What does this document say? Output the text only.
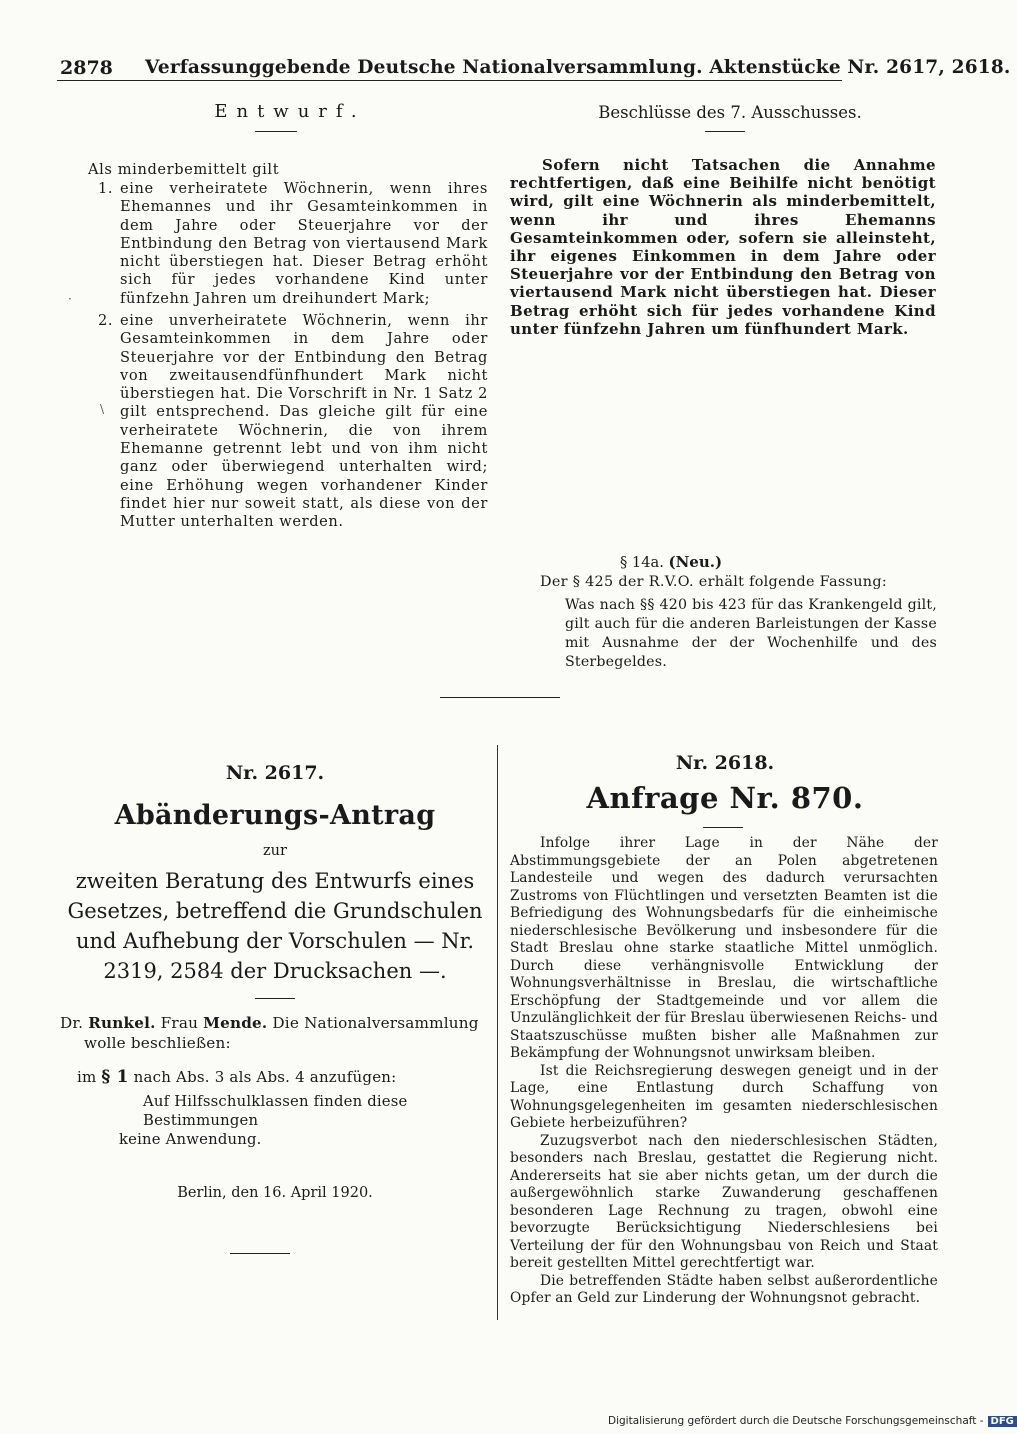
2878 Verfassunggebende Deutsche Nationalversammlung. Aktenstücke Nr. 2617, 2618.
Entwurf.	Beschlüsse des 7. Ausschusses.
Als minderbemittelt gilt
1. eine verheiratete Wöchnerin, wenn ihres Ehemannes und ihr Gesamteinkommen in dem Jahre oder Steuerjahre vor der Entbindung den Betrag von viertausend Mark nicht überstiegen hat. Dieser Betrag erhöht sich für jedes vorhandene Kind unter fünfzehn Jahren um dreihundert Mark;
2. eine unverheiratete Wöchnerin, wenn ihr Gesamteinkommen in dem Jahre oder Steuerjahre vor der Entbindung den Betrag von zweitausendfünfhundert Mark nicht überstiegen hat. Die Vorschrift in Nr. 1 Satz 2 gilt entsprechend. Das gleiche gilt für eine verheiratete Wöchnerin, die von ihrem Ehemanne getrennt lebt und von ihm nicht ganz oder überwiegend unterhalten wird; eine Erhöhung wegen vorhandener Kinder findet hier nur soweit statt, als diese von der Mutter unterhalten werden.

Sofern nicht Tatsachen die Annahme rechtfertigen, daß eine Beihilfe nicht benötigt wird, gilt eine Wöchnerin als minderbemittelt, wenn ihr und ihres Ehemanns Gesamteinkommen oder, sofern sie alleinsteht, ihr eigenes Einkommen in dem Jahre oder Steuerjahre vor der Entbindung den Betrag von viertausend Mark nicht überstiegen hat. Dieser Betrag erhöht sich für jedes vorhandene Kind unter fünfzehn Jahren um fünfhundert Mark.

§ 14a. (Neu.)
Der § 425 der R.V.O. erhält folgende Fassung:
Was nach §§ 420 bis 423 für das Krankengeld gilt, gilt auch für die anderen Barleistungen der Kasse mit Ausnahme der der Wochenhilfe und des Sterbegeldes.
Nr. 2617.
Abänderungs-Antrag
zur
zweiten Beratung des Entwurfs eines Gesetzes, betreffend die Grundschulen und Aufhebung der Vorschulen — Nr. 2319, 2584 der Drucksachen —.
Dr. Runkel. Frau Mende. Die Nationalversammlung
wolle beschließen:
im § 1 nach Abs. 3 als Abs. 4 anzufügen:
Auf Hilfsschulklassen finden diese Bestimmungen
keine Anwendung.
Berlin, den 16. April 1920.
Nr. 2618.
Anfrage Nr. 870.

Infolge ihrer Lage in der Nähe der Abstimmungsgebiete der an Polen abgetretenen Landesteile und wegen des dadurch verursachten Zustroms von Flüchtlingen und versetzten Beamten ist die Befriedigung des Wohnungsbedarfs für die einheimische niederschlesische Bevölkerung und insbesondere für die Stadt Breslau ohne starke staatliche Mittel unmöglich. Durch diese verhängnisvolle Entwicklung der Wohnungsverhältnisse in Breslau, die wirtschaftliche Erschöpfung der Stadtgemeinde und vor allem die Unzulänglichkeit der für Breslau überwiesenen Reichs- und Staatszuschüsse mußten bisher alle Maßnahmen zur Bekämpfung der Wohnungsnot unwirksam bleiben.

Ist die Reichsregierung deswegen geneigt und in der Lage, eine Entlastung durch Schaffung von Wohnungsgelegenheiten im gesamten niederschlesischen Gebiete herbeizuführen?

Zuzugsverbot nach den niederschlesischen Städten, besonders nach Breslau, gestattet die Regierung nicht. Andererseits hat sie aber nichts getan, um der durch die außergewöhnlich starke Zuwanderung geschaffenen besonderen Lage Rechnung zu tragen, obwohl eine bevorzugte Berücksichtigung Niederschlesiens bei Verteilung der für den Wohnungsbau von Reich und Staat bereit gestellten Mittel gerechtfertigt war.

Die betreffenden Städte haben selbst außerordentliche Opfer an Geld zur Linderung der Wohnungsnot gebracht.

·
\
Digitalisierung gefördert durch die Deutsche Forschungsgemeinschaft - DFG
